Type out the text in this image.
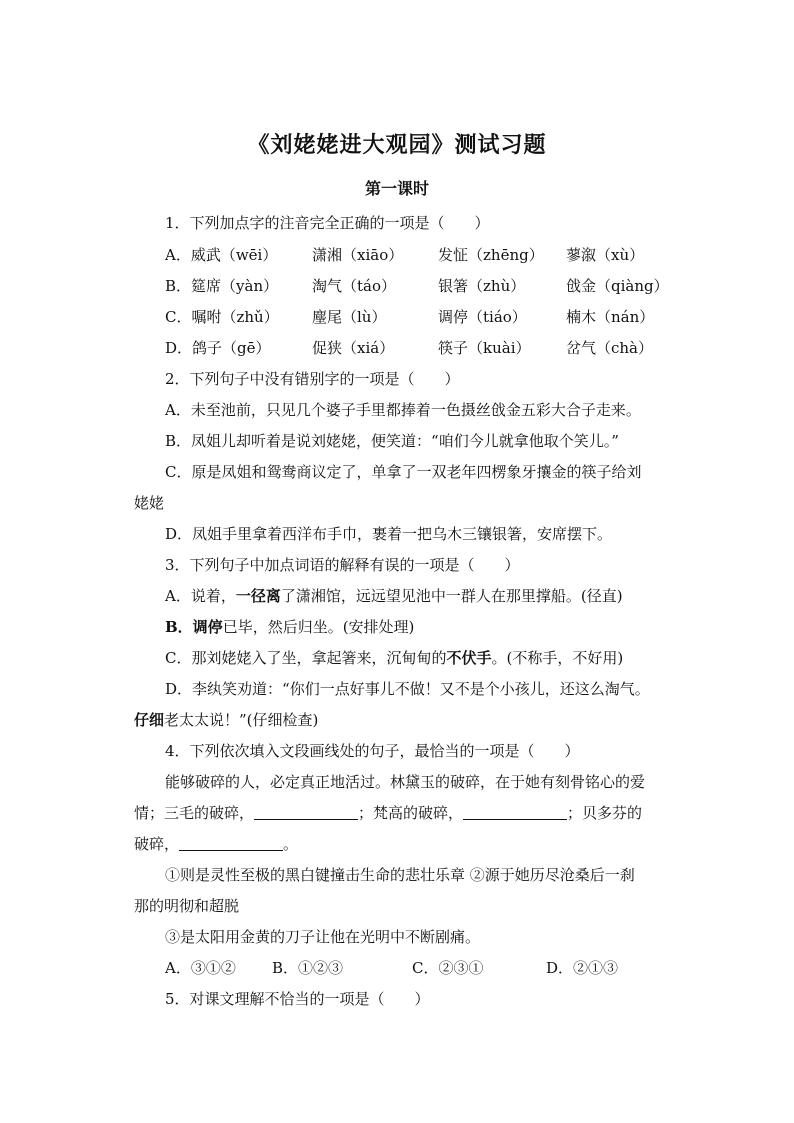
《刘姥姥进大观园》测试习题
第一课时
1．下列加点字的注音完全正确的一项是（　　）
A．威武（wēi） 潇湘（xiāo） 发怔（zhēng） 蓼溆（xù）
B．筵席（yàn） 淘气（táo）	银箸（zhù）	戗金（qiàng）
C．嘱咐（zhǔ） 麈尾（lù）	调停（tiáo）	楠木（nán）
D．鸽子（gē）	促狭（xiá）	筷子（kuài） 岔气（chà）
2．下列句子中没有错别字的一项是（　　）
A．未至池前，只见几个婆子手里都捧着一色摄丝戗金五彩大合子走来。
B．凤姐儿却听着是说刘姥姥，便笑道：“咱们今儿就拿他取个笑儿。”
C．原是凤姐和鸳鸯商议定了，单拿了一双老年四楞象牙攘金的筷子给刘
姥姥
D．凤姐手里拿着西洋布手巾，裹着一把乌木三镶银箸，安席摆下。
3．下列句子中加点词语的解释有误的一项是（　　）
A．说着，一径离了潇湘馆，远远望见池中一群人在那里撑船。(径直)
B．调停已毕，然后归坐。(安排处理)
C．那刘姥姥入了坐，拿起箸来，沉甸甸的不伏手。(不称手，不好用)
D．李纨笑劝道：“你们一点好事儿不做！又不是个小孩儿，还这么淘气。
仔细老太太说！”(仔细检查)
4．下列依次填入文段画线处的句子，最恰当的一项是（　　）
能够破碎的人，必定真正地活过。林黛玉的破碎，在于她有刻骨铭心的爱
情；三毛的破碎，	；梵高的破碎，	；贝多芬的
破碎，	。
①则是灵性至极的黑白键撞击生命的悲壮乐章 ②源于她历尽沧桑后一刹
那的明彻和超脱
③是太阳用金黄的刀子让他在光明中不断剧痛。
A．③①② B．①②③	C．②③①	D．②①③
5．对课文理解不恰当的一项是（　　）
